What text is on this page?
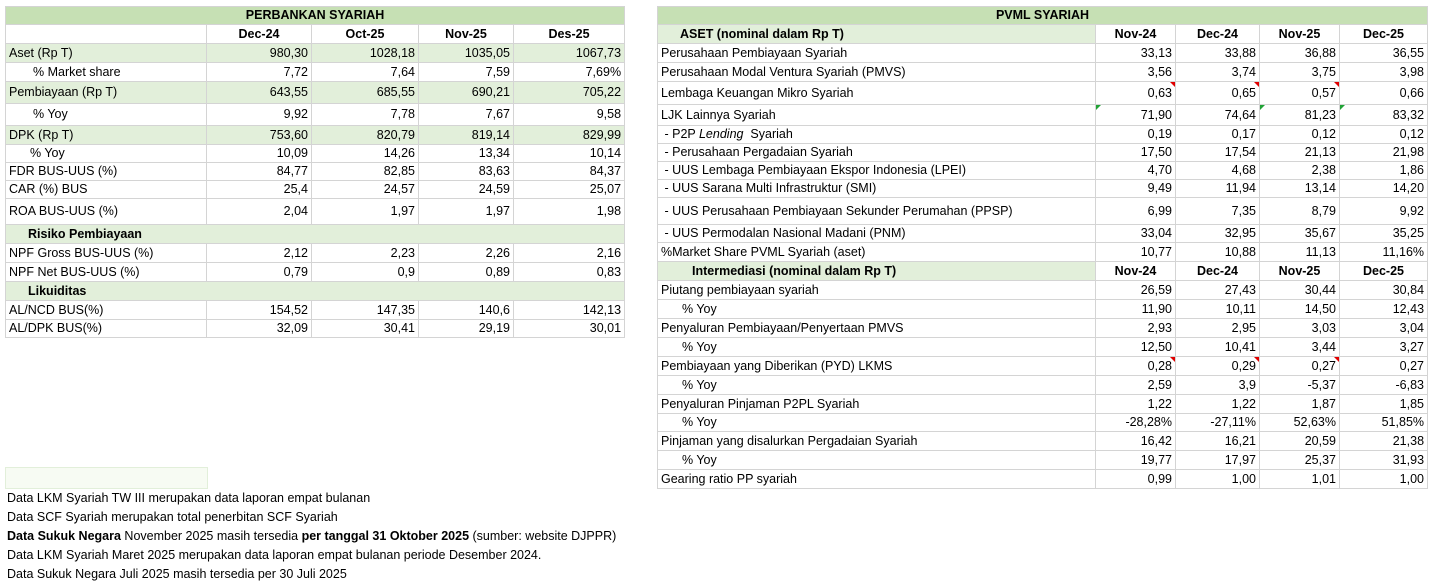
PERBANKAN SYARIAH				
	Dec-24	Oct-25	Nov-25	Des-25
Aset (Rp T)	980,30	1028,18	1035,05	1067,73
% Market share	7,72	7,64	7,59	7,69%
Pembiayaan (Rp T)	643,55	685,55	690,21	705,22
% Yoy	9,92	7,78	7,67	9,58
DPK (Rp T)	753,60	820,79	819,14	829,99
% Yoy	10,09	14,26	13,34	10,14
FDR BUS-UUS (%)	84,77	82,85	83,63	84,37
CAR (%) BUS	25,4	24,57	24,59	25,07
ROA BUS-UUS (%)	2,04	1,97	1,97	1,98
Risiko Pembiayaan				
NPF Gross BUS-UUS (%)	2,12	2,23	2,26	2,16
NPF Net BUS-UUS (%)	0,79	0,9	0,89	0,83
Likuiditas				
AL/NCD BUS(%)	154,52	147,35	140,6	142,13
AL/DPK BUS(%)	32,09	30,41	29,19	30,01
PVML SYARIAH				
ASET (nominal dalam Rp T)	Nov-24	Dec-24	Nov-25	Dec-25
Perusahaan Pembiayaan Syariah	33,13	33,88	36,88	36,55
Perusahaan Modal Ventura Syariah (PMVS)	3,56	3,74	3,75	3,98
Lembaga Keuangan Mikro Syariah	0,63	0,65	0,57	0,66
LJK Lainnya Syariah	71,90	74,64	81,23	83,32
- P2P Lending  Syariah	0,19	0,17	0,12	0,12
- Perusahaan Pergadaian Syariah	17,50	17,54	21,13	21,98
- UUS Lembaga Pembiayaan Ekspor Indonesia (LPEI)	4,70	4,68	2,38	1,86
- UUS Sarana Multi Infrastruktur (SMI)	9,49	11,94	13,14	14,20
- UUS Perusahaan Pembiayaan Sekunder Perumahan (PPSP)	6,99	7,35	8,79	9,92
- UUS Permodalan Nasional Madani (PNM)	33,04	32,95	35,67	35,25
%Market Share PVML Syariah (aset)	10,77	10,88	11,13	11,16%
Intermediasi (nominal dalam Rp T)	Nov-24	Dec-24	Nov-25	Dec-25
Piutang pembiayaan syariah	26,59	27,43	30,44	30,84
% Yoy	11,90	10,11	14,50	12,43
Penyaluran Pembiayaan/Penyertaan PMVS	2,93	2,95	3,03	3,04
% Yoy	12,50	10,41	3,44	3,27
Pembiayaan yang Diberikan (PYD) LKMS	0,28	0,29	0,27	0,27
% Yoy	2,59	3,9	-5,37	-6,83
Penyaluran Pinjaman P2PL Syariah	1,22	1,22	1,87	1,85
% Yoy	-28,28%	-27,11%	52,63%	51,85%
Pinjaman yang disalurkan Pergadaian Syariah	16,42	16,21	20,59	21,38
% Yoy	19,77	17,97	25,37	31,93
Gearing ratio PP syariah	0,99	1,00	1,01	1,00
Data LKM Syariah TW III merupakan data laporan empat bulanan
Data SCF Syariah merupakan total penerbitan SCF Syariah
Data Sukuk Negara November 2025 masih tersedia per tanggal 31 Oktober 2025 (sumber: website DJPPR)
Data LKM Syariah Maret 2025 merupakan data laporan empat bulanan periode Desember 2024.
Data Sukuk Negara Juli 2025 masih tersedia per 30 Juli 2025
